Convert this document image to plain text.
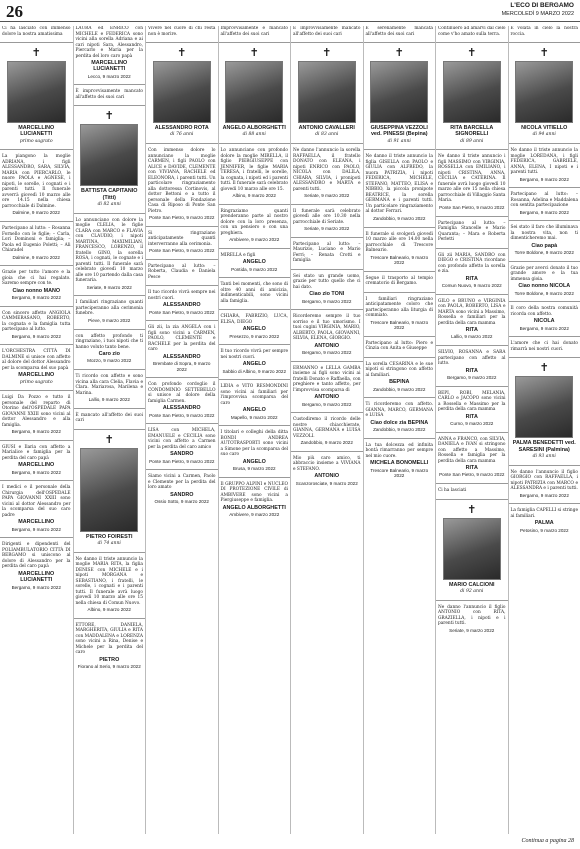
26	L'ECO DI BERGAMO
MERCOLEDÌ 9 MARZO 2022
Ci ha lasciato con immenso dolore la nostra amatissima
✝
MARCELLINO LUCIANETTI
primo sagrato
La piangono la moglie ADRIANA, i figli ALESSANDRO, SARA, SILVIA, MARIA con PIERCARLO, le nuore PAOLA e AGNESE, i nipoti, le sorelle, i cognati e i parenti tutti. Il funerale avverrà giovedì 10 marzo alle ore 14.15 nella chiesa parrocchiale di Dalmine.
Dalmine, 9 marzo 2022
Partecipano al lutto: – Rosanna Fornello con le figlie; – Carla, Lori Dominoni e famiglia; – Paola ed Eugenio Poletti; – Ali Chiaradel
Dalmine, 9 marzo 2022
Grazie per tutto l'amore e la gioia che ci hai regalato. Saremo sempre con te.
Ciao nonno MANO
Bergamo, 9 marzo 2022
Con sincero affetto ANGIOLA CAMMERASANO, ROBERTO, la cognata e la famiglia tutta partecipano al lutto.
Bergamo, 9 marzo 2022
L'ORCHESTRA CITTÀ DI DALMINE si unisce con affetto al dolore del dottor Alessandro per la scomparsa del suo papà
MARCELLINO
primo sagrato
Luigi Da Pozzo e tutto il personale del reparto di Otorino dell'OSPEDALE PAPA GIOVANNI XXIII sono vicini al dottor Alessandro e alla famiglia.
Bergamo, 9 marzo 2022
GIUSI e Ilaria con affetto a Marialice e famiglia per la perdita del caro papà
MARCELLINO
Bergamo, 9 marzo 2022
I medici e il personale della Chirurgia dell'OSPEDALE PAPA GIOVANNI XXIII sono vicini al dottor Alessandro per la scomparsa del suo caro padre
MARCELLINO
Bergamo, 9 marzo 2022
Dirigenti e dipendenti del POLIAMBULATORIO CITTÀ DI BERGAMO si uniscono al dolore di Alessandro per la perdita del caro papà
MARCELLINO LUCIANETTI
Bergamo, 9 marzo 2022
LAURA ed ENRICO con MICHELE e FEDERICA sono vicini alla sorella Adriana e ai cari nipoti Sara, Alessandro, Piercarlo e Maria per la perdita del loro caro papà
MARCELLINO LUCIANETTI
Lecco, 9 marzo 2022
È improvvisamente mancato all'affetto dei suoi cari
✝
BATTISTA CAPITANIO (Titti)
di 82 anni
Lo annunciano con dolore la moglie CLELIA, le figlie CLARA con MARCO e FLAVIA con CLAUDIO, i nipoti MARTINA, MAXIMILIAN, FRANCESCO, LORENZO, il fratello GINO, la sorella ROSA, i cognati, le cognate e i parenti tutti. Il funerale sarà celebrato giovedì 10 marzo alle ore 10 partendo dalla casa funeraria.
Seriate, 9 marzo 2022
I familiari ringraziano quanti parteciperanno alla cerimonia funebre.
Pieve, 9 marzo 2022
con affetto profondo ti ringraziano, i tuoi nipoti che ti hanno voluto tanto bene.
Caro zio
Mozzo, 9 marzo 2022
Ti ricordo con affetto e sono vicina alla cara Clelia, Flavia e Clara. Mariarosa, Marilena e Marina.
Lallio, 9 marzo 2022
È mancato all'affetto dei suoi cari
✝
PIETRO FOIRESTI
di 74 anni
Ne danno il triste annuncio la moglie MARIA RITA, la figlia DENISE con MICHELE e i nipoti MORGANA e SEBASTIANO, i fratelli, le sorelle, i cognati e i parenti tutti. Il funerale avrà luogo giovedì 10 marzo alle ore 15 nella chiesa di Comun Nuovo.
Albino, 9 marzo 2022
ETTORE, DANIELA, MARGHERITA, GIULIA e RITA con MADDALENA e LORENZA sono vicini a Rina, Denise e Michele per la perdita del caro
PIETRO
Fiorano al Serio, 9 marzo 2022
Vivere nel cuore di chi resta non è morire.
✝
ALESSANDRO ROTA
di 76 anni
Con immenso dolore lo annunciano la moglie CARMEN, i figli PAOLO con ALICE e DAVIDE, CLEMENTE con VIVIANA, RACHELE ed ELEONORA, i parenti tutti. Un particolare ringraziamento alla dottoressa Cortinovis, al dottor Bettoni e a tutto il personale della Fondazione Casa di Riposo di Ponte San Pietro.
Ponte San Pietro, 9 marzo 2022
Si ringraziano anticipatamente quanti interverranno alla cerimonia.
Ponte San Pietro, 9 marzo 2022
Partecipano al lutto: – Roberta, Claudia e Daniela Pesce
Il tuo ricordo vivrà sempre nei nostri cuori.
ALESSANDRO
Ponte San Pietro, 9 marzo 2022
Gli zii, la zia ANGELA con i figli sono vicini a CARMEN, PAOLO, CLEMENTE e RACHELE per la perdita del caro
ALESSANDRO
Brembate di Sopra, 9 marzo 2022
Con profondo cordoglio il CONDOMINIO SETTEBELLO si unisce al dolore della famiglia Carmen.
ALESSANDRO
Ponte San Pietro, 9 marzo 2022
LISA con MICHELA, EMANUELE e CECILIA sono vicini con affetto a Carmen per la perdita del caro amico
SANDRO
Ponte San Pietro, 9 marzo 2022
Siamo vicini a Carmen, Paolo e Clemente per la perdita del loro amato
SANDRO
Ossio Sotto, 9 marzo 2022
Improvvisamente è mancato all'affetto dei suoi cari
✝
ANGELO ALBORGHETTI
di 88 anni
Lo annunciano con profondo dolore la moglie MIRELLA, il figlio PIERGIUSEPPE con JENNIFER, le figlie MARIA TERESA, i fratelli, le sorelle, la cognata, i nipoti ed i parenti tutti. Il funerale sarà celebrato giovedì 10 marzo alle ore 15.
Albino, 9 marzo 2022
Ringraziamo quanti prenderanno parte al nostro dolore con la loro presenza, con un pensiero o con una preghiera.
Ambivere, 9 marzo 2022
MIRELLA e figli
ANGELO
Pontida, 9 marzo 2022
Tanti bei momenti, che sono di oltre 40 anni di amicizia, indimenticabili, sono vicini alla famiglia.
CHIARA, FABRIZIO, LUCA, ELISA, DIEGO
ANGELO
Presezzo, 9 marzo 2022
Il tuo ricordo vivrà per sempre nei nostri cuori.
ANGELO
Sabbio di Albino, 9 marzo 2022
LIDIA e VITO RESMONDINI sono vicini ai familiari per l'improvvisa scomparsa del caro
ANGELO
Mapello, 9 marzo 2022
I titolari e colleghi della ditta BONDI ANDREA AUTOTRASPORTI sono vicini a Simone per la scomparsa del suo caro
ANGELO
Brusa, 9 marzo 2022
Il GRUPPO ALPINI e NUCLEO DI PROTEZIONE CIVILE di AMBIVERE sono vicini a Piergiuseppe e famiglia.
ANGELO ALBORGHETTI
Ambivere, 9 marzo 2022
È improvvisamente mancato all'affetto dei suoi cari
✝
ANTONIO CAVALLERI
di 83 anni
Ne danno l'annuncio la sorella RAFFAELLA, il fratello DONATO con ELEANA, i nipoti ENRICO con PAOLO, NICOLA con DALILA, CHIARA, SILVIA, i pronipoti ALESSANDRO e MARTA e parenti tutti.
Seriate, 9 marzo 2022
Il funerale sarà celebrato giovedì alle ore 10.30 nella parrocchiale di Seriate.
Seriate, 9 marzo 2022
Partecipano al lutto: – Maurizio, Luciano e Mario Ferri; – Renata Crotti e famiglia
Sei stato un grande uomo, grazie per tutto quello che ci hai dato.
Ciao zio TONI
Bergamo, 9 marzo 2022
Ricorderemo sempre il tuo sorriso e il tuo umorismo. I tuoi cugini VIRGINIA, MARIO, ALBERTO, PAOLA, GIOVANNI, SILVIA, ELENA, GIORGIO.
ANTONIO
Bergamo, 9 marzo 2022
ERMANNO e LELLA GAMBA insieme ai figli sono vicini ai fratelli Donato e Raffaella, con preghiere e tanto affetto, per l'improvvisa scomparsa di
ANTONIO
Bergamo, 9 marzo 2022
Custodiremo il ricordo delle nostre chiacchierate, GIANNA, GERMANA e LUISA VEZZOLI.
Zandobbio, 9 marzo 2022
Mio più caro amico, ti abbraccio insieme a VIVIANA e STEFANO.
ANTONIO
Scanzorosciate, 9 marzo 2022
È serenamente mancata all'affetto dei suoi cari
✝
GIUSEPPINA VEZZOLI ved. PINESSI (Bepina)
di 91 anni
Ne danno il triste annuncio la figlia GISELLA con PAOLO e GIULIA con ALFREDO, la nuora PATRIZIA, i nipoti FEDERICA, MICHELE, STEFANO, MATTEO, ELISA e NIBBIO, la piccola pronipote BEATRICE, la sorella GERMANA e i parenti tutti. Un particolare ringraziamento al dottor Ferrari.
Zandobbio, 9 marzo 2022
Il funerale si svolgerà giovedì 10 marzo alle ore 14.00 nella parrocchiale di Trescore Balneario.
Trescore Balneario, 9 marzo 2022
Segue il trasporto al tempio crematorio di Bergamo.
I familiari ringraziano anticipatamente coloro che parteciperanno alla liturgia di commiato.
Trescore Balneario, 9 marzo 2022
Partecipano al lutto: Piero e Cinzia con Anita e Giuseppe
La sorella CESARINA e le sue nipoti si stringono con affetto ai familiari.
BEPINA
Zandobbio, 9 marzo 2022
Ti ricorderemo con affetto. GIANNA, MARCO, GERMANA e LUISA
Ciao dolce zia BEPINA
Zandobbio, 9 marzo 2022
La tua dolcezza ed infinita bontà rimarranno per sempre nel mio cuore.
MICHELA BONOMELLI
Trescore Balneario, 9 marzo 2022
Continuerò ad amarvi dal cielo come v'ho amato sulla terra.
✝
RITA BARCELLA SIGNORELLI
di 89 anni
Ne danno il triste annuncio i figli MASSIMO con VIRGINIA, ROSSELLA con EMILIANO, i nipoti CRISTINA, ANNA, CECILIA e CATERINA. Il funerale avrà luogo giovedì 10 marzo alle ore 15 nella chiesa parrocchiale di Villaggio Santa Maria.
Ponte San Pietro, 9 marzo 2022
Partecipano al lutto: – Famiglia Stancelle e Mario Quaranta; – Mara e Roberta Perletti
Gli zii MARIA, SANDRO con DIEGO e CRISTINA ricordano con profondo affetto la sorella e zia.
RITA
Comun Nuovo, 9 marzo 2022
GILO e BRUNO e VIRGINIA con PAOLA, ROBERTO, LISA e MARTA sono vicini a Massimo, Rossella e familiari per la perdita della cara mamma
RITA
Lallio, 9 marzo 2022
SILVIO, ROSANNA e SARA partecipano con affetto al lutto.
RITA
Bergamo, 9 marzo 2022
BEPI, ROBI, MELANIA, CARLO e JACOPO sono vicini a Rossella e Massimo per la perdita della cara mamma
RITA
Curno, 9 marzo 2022
ANNA e FRANCO, con SILVIA, DANIELA e IVAN si stringono con affetto a Massimo, Rossella e famiglia per la perdita della cara mamma
RITA
Ponte San Pietro, 9 marzo 2022
Ci ha lasciati
✝
MARIO CALCIONI
di 92 anni
Ne danno l'annuncio il figlio ANTONIO con RITA, GRAZIELLA, i nipoti e i parenti tutti.
Seriate, 9 marzo 2022
È volata in cielo la nostra roccia.
✝
NICOLA VITIELLO
di 94 anni
Ne danno il triste annuncio la moglie LOREDANA, i figli FEDERICA, GABRIELE, ANNA, ELENA, I nipoti e i parenti tutti.
Bergamo, 9 marzo 2022
Partecipano al lutto: – Rosanna, Adelina e Maddalena con sentita partecipazione
Bergamo, 9 marzo 2022
Sei stato il faro che illuminava la nostra vita, non ti dimenticheremo mai.
Ciao papà
Torre Boldone, 9 marzo 2022
Grazie per averci donato il tuo grande amore e la tua immensa gioia.
Ciao nonno NICOLA
Torre Boldone, 9 marzo 2022
Il coro della nostra comunità ricorda con affetto.
NICOLA
Bergamo, 9 marzo 2022
L'amore che ci hai donato rimarrà nei nostri cuori.
✝
PALMA BENEDETTI ved. SARESINI (Palmina)
di 93 anni
Ne danno l'annuncio il figlio GIORGIO con RAFFAELLA, i nipoti PATRIZIA con MARCO e ALESSANDRA e i parenti tutti.
Bergamo, 9 marzo 2022
La famiglia CAPELLI si stringe ai familiari.
PALMA
Petosino, 9 marzo 2022
Continua a pagina 28
